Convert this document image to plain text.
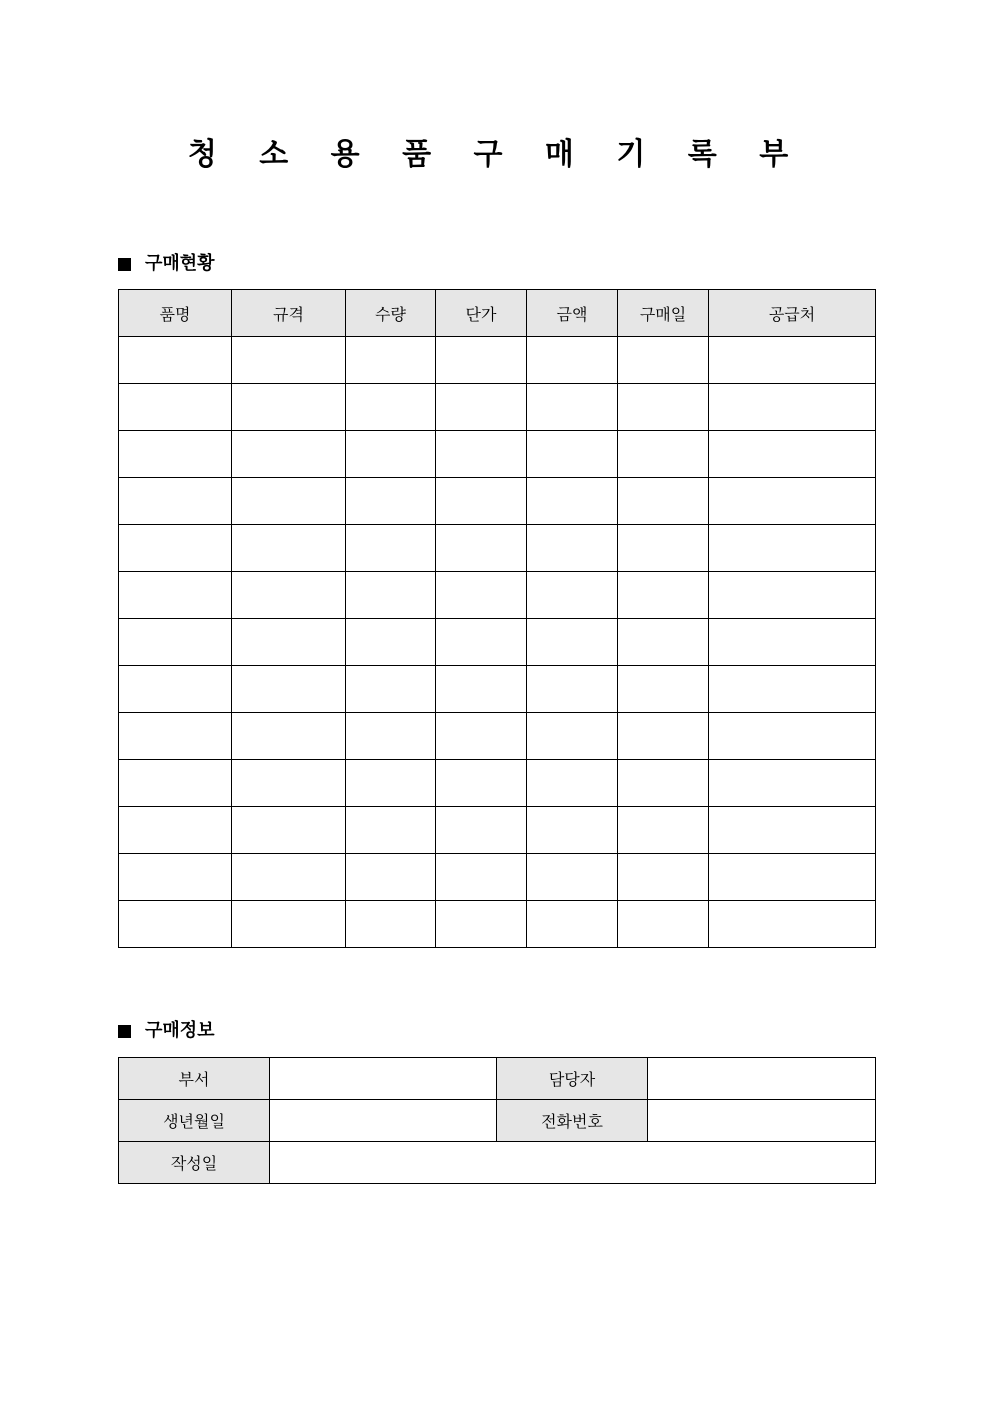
청 소 용 품 구 매 기 록 부
구매현황
품명	규격	수량	단가	금액	구매일	공급처

구매정보
부서		담당자	
생년월일		전화번호	
작성일			
